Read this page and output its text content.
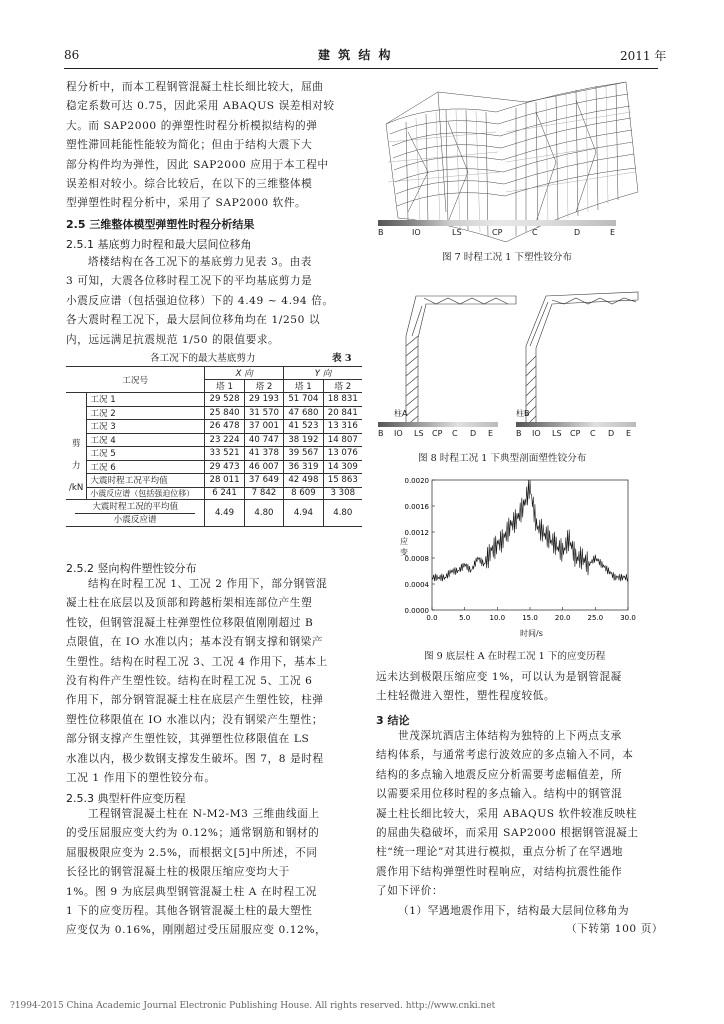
86	建 筑 结 构	2011 年
程分析中，而本工程钢管混凝土柱长细比较大，屈曲
稳定系数可达 0.75，因此采用 ABAQUS 误差相对较
大。而 SAP2000 的弹塑性时程分析模拟结构的弹
塑性滞回耗能性能较为简化；但由于结构大震下大
部分构件均为弹性，因此 SAP2000 应用于本工程中
误差相对较小。综合比较后，在以下的三维整体模
型弹塑性时程分析中，采用了 SAP2000 软件。
2.5 三维整体模型弹塑性时程分析结果
2.5.1 基底剪力时程和最大层间位移角
塔楼结构在各工况下的基底剪力见表 3。由表
3 可知，大震各位移时程工况下的平均基底剪力是
小震反应谱（包括强迫位移）下的 4.49 ~ 4.94 倍。
各大震时程工况下，最大层间位移角均在 1/250 以
内，远远满足抗震规范 1/50 的限值要求。
各工况下的最大基底剪力	表 3
工况号		X 向		Y 向	
		塔 1	塔 2	塔 1	塔 2

剪
力
/kN	工况 1	29 528	29 193	51 704	18 831
	工况 2	25 840	31 570	47 680	20 841
	工况 3	26 478	37 001	41 523	13 316
	工况 4	23 224	40 747	38 192	14 807
	工况 5	33 521	41 378	39 567	13 076
	工况 6	29 473	46 007	36 319	14 309
	大震时程工况平均值	28 011	37 649	42 498	15 863
	小震反应谱（包括强迫位移）	6 241	7 842	8 609	3 308

大震时程工况的平均值
小震反应谱		4.49	4.80	4.94	4.80
2.5.2 竖向构件塑性铰分布
结构在时程工况 1、工况 2 作用下，部分钢管混
凝土柱在底层以及顶部和跨越桁架相连部位产生塑
性铰，但钢管混凝土柱弹塑性位移限值刚刚超过 B
点限值，在 IO 水准以内；基本没有钢支撑和钢梁产
生塑性。结构在时程工况 3、工况 4 作用下，基本上
没有构件产生塑性铰。结构在时程工况 5、工况 6
作用下，部分钢管混凝土柱在底层产生塑性铰，柱弹
塑性位移限值在 IO 水准以内；没有钢梁产生塑性；
部分钢支撑产生塑性铰，其弹塑性位移限值在 LS
水准以内，极少数钢支撑发生破坏。图 7，8 是时程
工况 1 作用下的塑性铰分布。
2.5.3 典型杆件应变历程
工程钢管混凝土柱在 N-M2-M3 三维曲线面上
的受压屈服应变大约为 0.12%；通常钢筋和钢材的
屈服极限应变为 2.5%，而根据文[5]中所述，不同
长径比的钢管混凝土柱的极限压缩应变均大于
1%。图 9 为底层典型钢管混凝土柱 A 在时程工况
1 下的应变历程。其他各钢管混凝土柱的最大塑性
应变仅为 0.16%，刚刚超过受压屈服应变 0.12%，
B	IO	LS	CP	C	D	E
图 7 时程工况 1 下塑性铰分布
柱A	柱B
B IO LS CP C D E	B IO LS CP C D E
图 8 时程工况 1 下典型剖面塑性铰分布
0.0000
0.0004
0.0008
0.0012
0.0016
0.0020
0.0	5.0	10.0 15.0 20.0 25.0 30.0
应变
时间/s
图 9 底层柱 A 在时程工况 1 下的应变历程
远未达到极限压缩应变 1%，可以认为是钢管混凝
土柱轻微进入塑性，塑性程度较低。
3 结论
世茂深坑酒店主体结构为独特的上下两点支承
结构体系，与通常考虑行波效应的多点输入不同，本
结构的多点输入地震反应分析需要考虑幅值差，所
以需要采用位移时程的多点输入。结构中的钢管混
凝土柱长细比较大，采用 ABAQUS 软件较准反映柱
的屈曲失稳破坏，而采用 SAP2000 根据钢管混凝土
柱“统一理论”对其进行模拟，重点分析了在罕遇地
震作用下结构弹塑性时程响应，对结构抗震性能作
了如下评价：
（1）罕遇地震作用下，结构最大层间位移角为
（下转第 100 页）
?1994-2015 China Academic Journal Electronic Publishing House. All rights reserved. http://www.cnki.net
